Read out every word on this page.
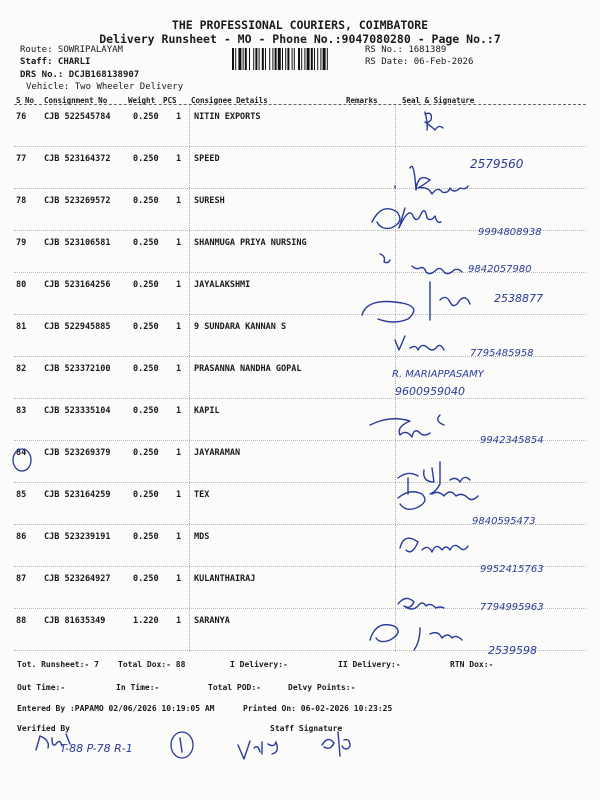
THE PROFESSIONAL COURIERS, COIMBATORE
Delivery Runsheet - MO - Phone No.:9047080280 - Page No.:7
Route: SOWRIPALAYAM
Staff: CHARLI
DRS No.: DCJB168138907
Vehicle: Two Wheeler Delivery
RS No.: 1681389
RS Date: 06-Feb-2026
S No Consignment No	Weight PCS Consignee Details	Remarks	Seal & Signature
76 CJB 522545784	0.250 1 NITIN EXPORTS
77 CJB 523164372	0.250 1 SPEED
78 CJB 523269572	0.250 1 SURESH
79 CJB 523106581	0.250 1 SHANMUGA PRIYA NURSING
80 CJB 523164256	0.250 1 JAYALAKSHMI
81 CJB 522945885	0.250 1 9 SUNDARA KANNAN S
82 CJB 523372100	0.250 1 PRASANNA NANDHA GOPAL
83 CJB 523335104	0.250 1 KAPIL
84 CJB 523269379	0.250 1 JAYARAMAN
85 CJB 523164259	0.250 1 TEX
86 CJB 523239191	0.250 1 MDS
87 CJB 523264927	0.250 1 KULANTHAIRAJ
88 CJB 81635349	1.220 1 SARANYA
2579560
9994808938
9842057980
2538877
7795485958
R. MARIAPPASAMY
9600959040
9942345854
9840595473
9952415763
7794995963
2539598
T-88 P-78 R-1
Tot. Runsheet:- 7 Total Dox:- 88	I Delivery:-	II Delivery:-	RTN Dox:-
Out Time:-	In Time:-	Total POD:-	Delvy Points:-
Entered By :PAPAMO 02/06/2026 10:19:05 AM	Printed On: 06-02-2026 10:23:25
Verified By	Staff Signature
